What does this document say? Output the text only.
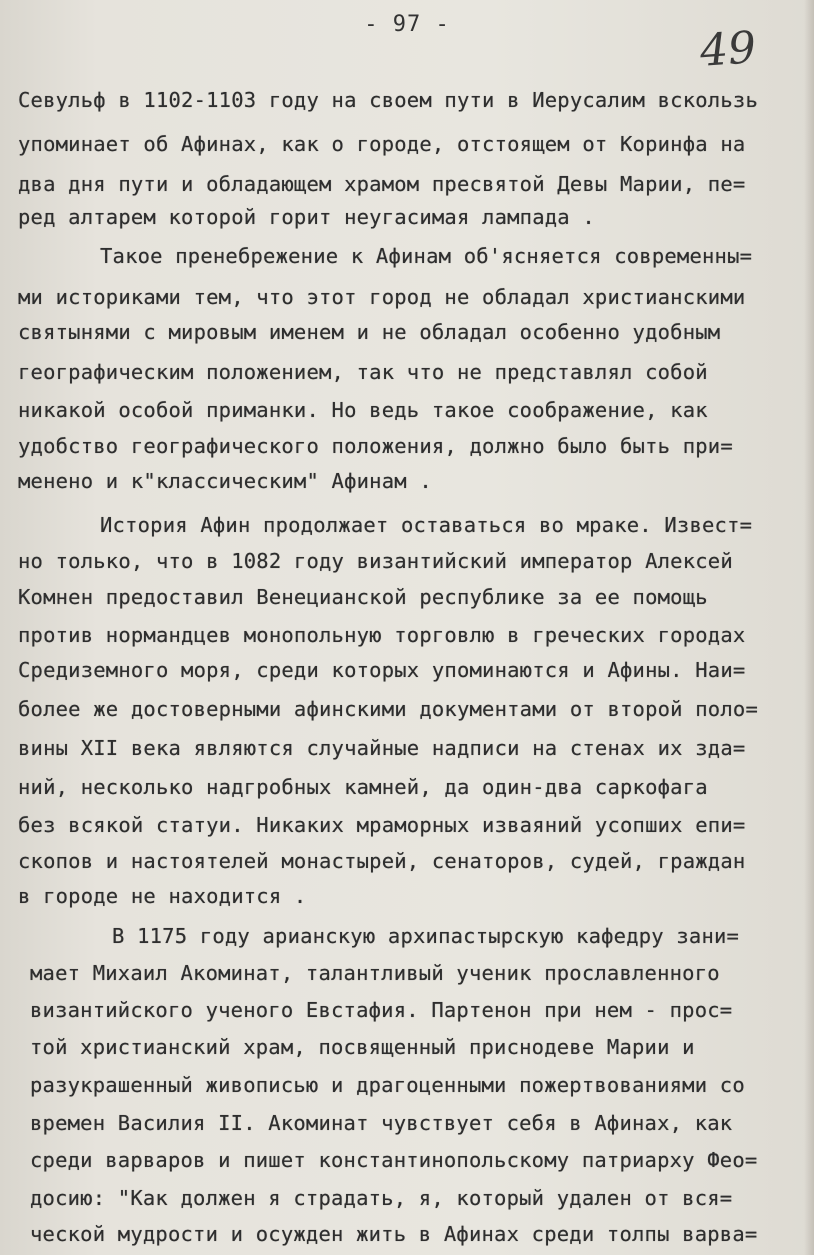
- 97 -	49
Севульф в 1102-1103 году на своем пути в Иерусалим вскользь
упоминает об Афинах, как о городе, отстоящем от Коринфа на
два дня пути и обладающем храмом пресвятой Девы Марии, пе=
ред алтарем которой горит неугасимая лампада .
Такое пренебрежение к Афинам об'ясняется современны=
ми историками тем, что этот город не обладал христианскими
святынями с мировым именем и не обладал особенно удобным
географическим положением, так что не представлял собой
никакой особой приманки. Но ведь такое соображение, как
удобство географического положения, должно было быть при=
менено и к"классическим" Афинам .
История Афин продолжает оставаться во мраке. Извест=
но только, что в 1082 году византийский император Алексей
Комнен предоставил Венецианской республике за ее помощь
против нормандцев монопольную торговлю в греческих городах
Средиземного моря, среди которых упоминаются и Афины. Наи=
более же достоверными афинскими документами от второй поло=
вины XII века являются случайные надписи на стенах их зда=
ний, несколько надгробных камней, да один-два саркофага
без всякой статуи. Никаких мраморных изваяний усопших епи=
скопов и настоятелей монастырей, сенаторов, судей, граждан
в городе не находится .
В 1175 году арианскую архипастырскую кафедру зани=
мает Михаил Акоминат, талантливый ученик прославленного
византийского ученого Евстафия. Партенон при нем - прос=
той христианский храм, посвященный приснодеве Марии и
разукрашенный живописью и драгоценными пожертвованиями со
времен Василия II. Акоминат чувствует себя в Афинах, как
среди варваров и пишет константинопольскому патриарху Фео=
досию: "Как должен я страдать, я, который удален от вся=
ческой мудрости и осужден жить в Афинах среди толпы варва=
